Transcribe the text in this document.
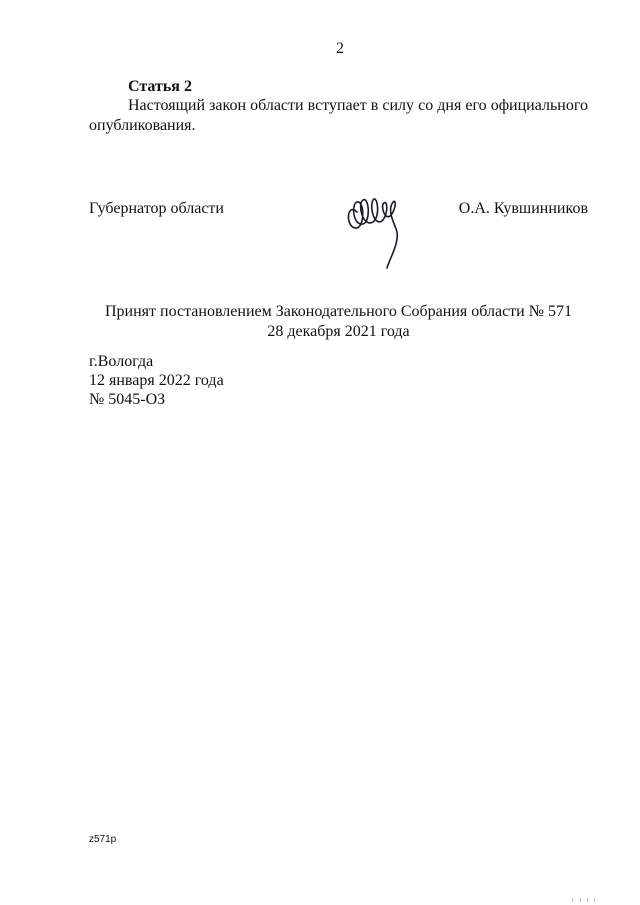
2
Статья 2

Настоящий закон области вступает в силу со дня его официального опубликования.

Губернатор области	О.А. Кувшинников
Принят постановлением Законодательного Собрания области № 571
28 декабря 2021 года
г.Вологда
12 января 2022 года
№ 5045-ОЗ
z571p
ı ı ı ı
